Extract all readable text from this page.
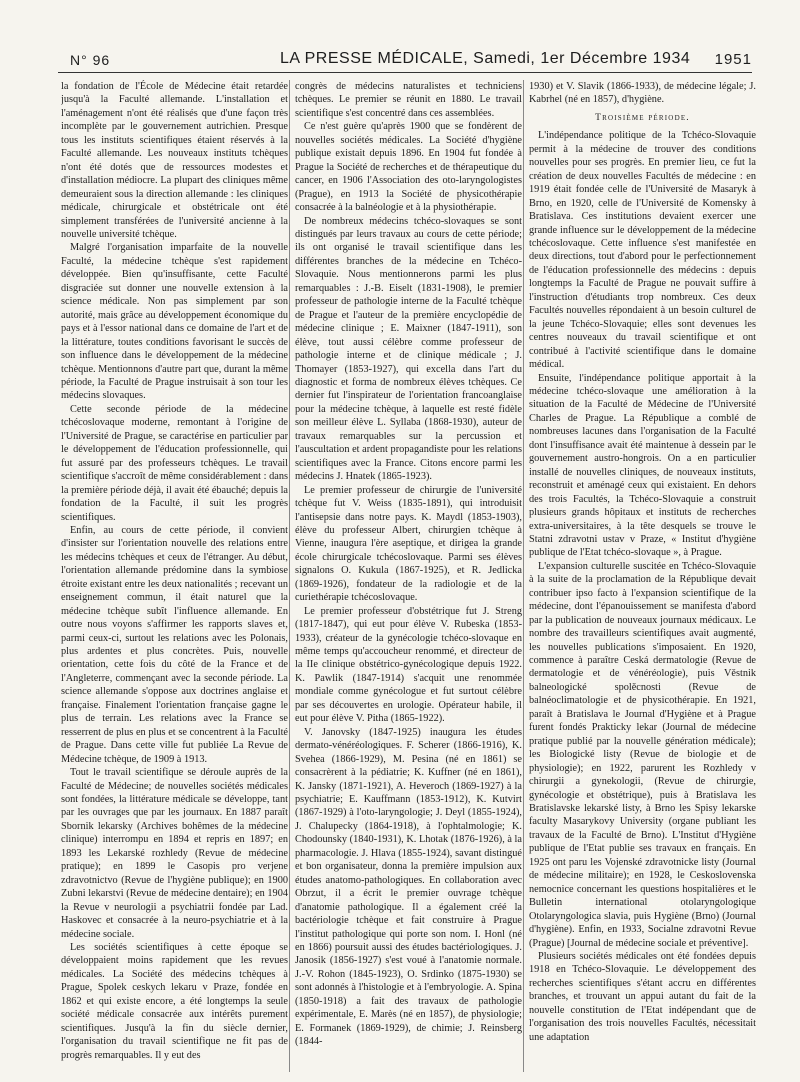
N° 96	LA PRESSE MÉDICALE, Samedi, 1er Décembre 1934 1951

la fondation de l'École de Médecine était retardée jusqu'à la Faculté allemande. L'installation et l'aménagement n'ont été réalisés que d'une façon très incomplète par le gouvernement autrichien. Presque tous les instituts scientifiques étaient réservés à la Faculté allemande. Les nouveaux instituts tchèques n'ont été dotés que de ressources modestes et d'installation médiocre. La plupart des cliniques même demeuraient sous la direction allemande : les cliniques médicale, chirurgicale et obstétricale ont été simplement transférées de l'université ancienne à la nouvelle université tchèque.

Malgré l'organisation imparfaite de la nouvelle Faculté, la médecine tchèque s'est rapidement développée. Bien qu'insuffisante, cette Faculté disgraciée sut donner une nouvelle extension à la science médicale. Non pas simplement par son autorité, mais grâce au développement économique du pays et à l'essor national dans ce domaine de l'art et de la littérature, toutes conditions favorisant le succès de son influence dans le développement de la médecine tchèque. Mentionnons d'autre part que, durant la même période, la Faculté de Prague instruisait à son tour les médecins slovaques.

Cette seconde période de la médecine tchécoslovaque moderne, remontant à l'origine de l'Université de Prague, se caractérise en particulier par le développement de l'éducation professionnelle, qui fut assuré par des professeurs tchèques. Le travail scientifique s'accroît de même considérablement : dans la première période déjà, il avait été ébauché; depuis la fondation de la Faculté, il suit les progrès scientifiques.

Enfin, au cours de cette période, il convient d'insister sur l'orientation nouvelle des relations entre les médecins tchèques et ceux de l'étranger. Au début, l'orientation allemande prédomine dans la symbiose étroite existant entre les deux nationalités ; recevant un enseignement commun, il était naturel que la médecine tchèque subît l'influence allemande. En outre nous voyons s'affirmer les rapports slaves et, parmi ceux-ci, surtout les relations avec les Polonais, plus ardentes et plus concrètes. Puis, nouvelle orientation, cette fois du côté de la France et de l'Angleterre, commençant avec la seconde période. La science allemande s'oppose aux doctrines anglaise et française. Finalement l'orientation française gagne le plus de terrain. Les relations avec la France se resserrent de plus en plus et se concentrent à la Faculté de Prague. Dans cette ville fut publiée La Revue de Médecine tchèque, de 1909 à 1913.

Tout le travail scientifique se déroule auprès de la Faculté de Médecine; de nouvelles sociétés médicales sont fondées, la littérature médicale se développe, tant par les ouvrages que par les journaux. En 1887 paraît Sbornik lekarsky (Archives bohêmes de la médecine clinique) interrompu en 1894 et repris en 1897; en 1893 les Lekarské rozhledy (Revue de médecine pratique); en 1899 le Casopis pro verjene zdravotnictvo (Revue de l'hygiène publique); en 1900 Zubni lekarstvi (Revue de médecine dentaire); en 1904 la Revue v neurologii a psychiatrii fondée par Lad. Haskovec et consacrée à la neuro-psychiatrie et à la médecine sociale.

Les sociétés scientifiques à cette époque se développaient moins rapidement que les revues médicales. La Société des médecins tchèques à Prague, Spolek ceskych lekaru v Praze, fondée en 1862 et qui existe encore, a été longtemps la seule société médicale consacrée aux intérêts purement scientifiques. Jusqu'à la fin du siècle dernier, l'organisation du travail scientifique ne fit pas de progrès remarquables. Il y eut des

congrès de médecins naturalistes et techniciens tchèques. Le premier se réunit en 1880. Le travail scientifique s'est concentré dans ces assemblées.

Ce n'est guère qu'après 1900 que se fondèrent de nouvelles sociétés médicales. La Société d'hygiène publique existait depuis 1896. En 1904 fut fondée à Prague la Société de recherches et de thérapeutique du cancer, en 1906 l'Association des oto-laryngologistes (Prague), en 1913 la Société de physicothérapie consacrée à la balnéologie et à la physiothérapie.

De nombreux médecins tchéco-slovaques se sont distingués par leurs travaux au cours de cette période; ils ont organisé le travail scientifique dans les différentes branches de la médecine en Tchéco-Slovaquie. Nous mentionnerons parmi les plus remarquables : J.-B. Eiselt (1831-1908), le premier professeur de pathologie interne de la Faculté tchèque de Prague et l'auteur de la première encyclopédie de médecine clinique ; E. Maixner (1847-1911), son élève, tout aussi célèbre comme professeur de pathologie interne et de clinique médicale ; J. Thomayer (1853-1927), qui excella dans l'art du diagnostic et forma de nombreux élèves tchèques. Ce dernier fut l'inspirateur de l'orientation francoanglaise pour la médecine tchèque, à laquelle est resté fidèle son meilleur élève L. Syllaba (1868-1930), auteur de travaux remarquables sur la percussion et l'auscultation et ardent propagandiste pour les relations scientifiques avec la France. Citons encore parmi les médecins J. Hnatek (1865-1923).

Le premier professeur de chirurgie de l'université tchèque fut V. Weiss (1835-1891), qui introduisit l'antisepsie dans notre pays. K. Maydl (1853-1903), élève du professeur Albert, chirurgien tchèque à Vienne, inaugura l'ère aseptique, et dirigea la grande école chirurgicale tchécoslovaque. Parmi ses élèves signalons O. Kukula (1867-1925), et R. Jedlicka (1869-1926), fondateur de la radiologie et de la curiethérapie tchécoslovaque.

Le premier professeur d'obstétrique fut J. Streng (1817-1847), qui eut pour élève V. Rubeska (1853-1933), créateur de la gynécologie tchéco-slovaque en même temps qu'accoucheur renommé, et directeur de la IIe clinique obstétrico-gynécologique depuis 1922. K. Pawlik (1847-1914) s'acquit une renommée mondiale comme gynécologue et fut surtout célèbre par ses découvertes en urologie. Opérateur habile, il eut pour élève V. Pitha (1865-1922).

V. Janovsky (1847-1925) inaugura les études dermato-vénéréologiques. F. Scherer (1866-1916), K. Svehea (1866-1929), M. Pesina (né en 1861) se consacrèrent à la pédiatrie; K. Kuffner (né en 1861), K. Jansky (1871-1921), A. Heveroch (1869-1927) à la psychiatrie; E. Kauffmann (1853-1912), K. Kutvirt (1867-1929) à l'oto-laryngologie; J. Deyl (1855-1924), J. Chalupecky (1864-1918), à l'ophtalmologie; K. Chodounsky (1840-1931), K. Lhotak (1876-1926), à la pharmacologie. J. Hlava (1855-1924), savant distingué et bon organisateur, donna la première impulsion aux études anatomo-pathologiques. En collaboration avec Obrzut, il a écrit le premier ouvrage tchèque d'anatomie pathologique. Il a également créé la bactériologie tchèque et fait construire à Prague l'institut pathologique qui porte son nom. I. Honl (né en 1866) poursuit aussi des études bactériologiques. J. Janosik (1856-1927) s'est voué à l'anatomie normale. J.-V. Rohon (1845-1923), O. Srdinko (1875-1930) se sont adonnés à l'histologie et à l'embryologie. A. Spina (1850-1918) a fait des travaux de pathologie expérimentale, E. Marès (né en 1857), de physiologie; E. Formanek (1869-1929), de chimie; J. Reinsberg (1844-

1930) et V. Slavik (1866-1933), de médecine légale; J. Kabrhel (né en 1857), d'hygiène.

Troisième période.

L'indépendance politique de la Tchéco-Slovaquie permit à la médecine de trouver des conditions nouvelles pour ses progrès. En premier lieu, ce fut la création de deux nouvelles Facultés de médecine : en 1919 était fondée celle de l'Université de Masaryk à Brno, en 1920, celle de l'Université de Komensky à Bratislava. Ces institutions devaient exercer une grande influence sur le développement de la médecine tchécoslovaque. Cette influence s'est manifestée en deux directions, tout d'abord pour le perfectionnement de l'éducation professionnelle des médecins : depuis longtemps la Faculté de Prague ne pouvait suffire à l'instruction d'étudiants trop nombreux. Ces deux Facultés nouvelles répondaient à un besoin culturel de la jeune Tchéco-Slovaquie; elles sont devenues les centres nouveaux du travail scientifique et ont contribué à l'activité scientifique dans le domaine médical.

Ensuite, l'indépendance politique apportait à la médecine tchéco-slovaque une amélioration à la situation de la Faculté de Médecine de l'Université Charles de Prague. La République a comblé de nombreuses lacunes dans l'organisation de la Faculté dont l'insuffisance avait été maintenue à dessein par le gouvernement austro-hongrois. On a en particulier installé de nouvelles cliniques, de nouveaux instituts, reconstruit et aménagé ceux qui existaient. En dehors des trois Facultés, la Tchéco-Slovaquie a construit plusieurs grands hôpitaux et instituts de recherches extra-universitaires, à la tête desquels se trouve le Statni zdravotni ustav v Praze, « Institut d'hygiène publique de l'Etat tchéco-slovaque », à Prague.

L'expansion culturelle suscitée en Tchéco-Slovaquie à la suite de la proclamation de la République devait contribuer ipso facto à l'expansion scientifique de la médecine, dont l'épanouissement se manifesta d'abord par la publication de nouveaux journaux médicaux. Le nombre des travailleurs scientifiques avait augmenté, les nouvelles publications s'imposaient. En 1920, commence à paraître Ceská dermatologie (Revue de dermatologie et de vénéréologie), puis Věstnik balneologické spolěcnosti (Revue de balnéoclimatologie et de physicothérapie. En 1921, paraît à Bratislava le Journal d'Hygiène et à Prague furent fondés Prakticky lekar (Journal de médecine pratique publié par la nouvelle génération médicale); les Biologické listy (Revue de biologie et de physiologie); en 1922, parurent les Rozhledy v chirurgii a gynekologii, (Revue de chirurgie, gynécologie et obstétrique), puis à Bratislava les Bratislavske lekarské listy, à Brno les Spisy lekarske faculty Masarykovy University (organe publiant les travaux de la Faculté de Brno). L'Institut d'Hygiène publique de l'Etat publie ses travaux en français. En 1925 ont paru les Vojenské zdravotnicke listy (Journal de médecine militaire); en 1928, le Ceskoslovenska nemocnice concernant les questions hospitalières et le Bulletin international otolaryngologique Otolaryngologica slavia, puis Hygiène (Brno) (Journal d'hygiène). Enfin, en 1933, Socialne zdravotni Revue (Prague) [Journal de médecine sociale et préventive].

Plusieurs sociétés médicales ont été fondées depuis 1918 en Tchéco-Slovaquie. Le développement des recherches scientifiques s'étant accru en différentes branches, et trouvant un appui autant du fait de la nouvelle constitution de l'Etat indépendant que de l'organisation des trois nouvelles Facultés, nécessitait une adaptation
